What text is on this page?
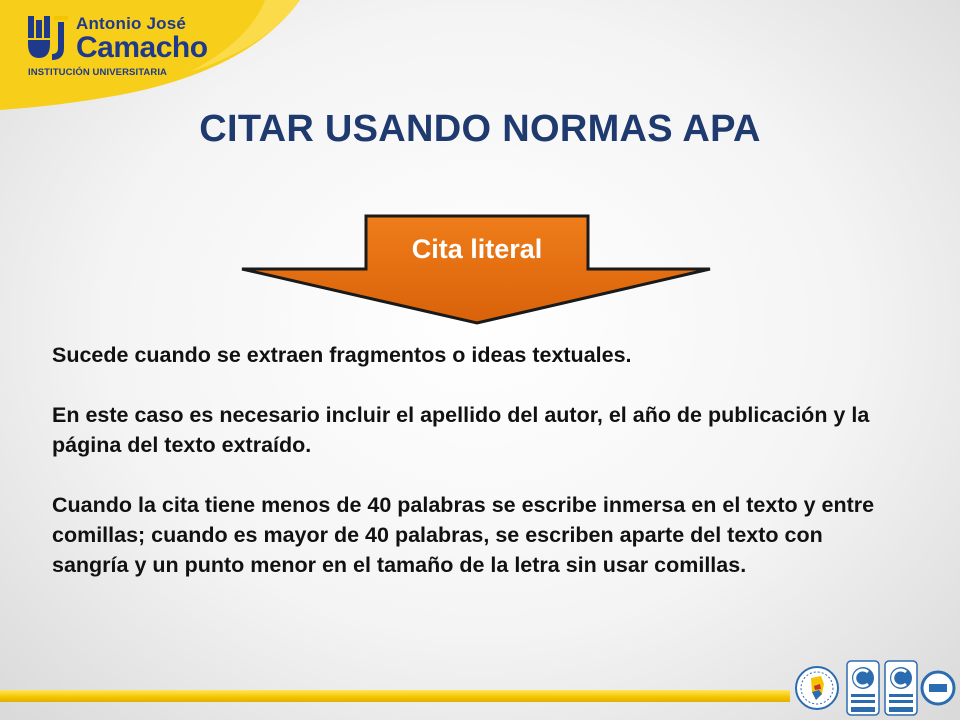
Antonio José
Camacho
INSTITUCIÓN UNIVERSITARIA
CITAR USANDO NORMAS APA
Cita literal

Sucede cuando se extraen fragmentos o ideas textuales.

En este caso es necesario incluir el apellido del autor, el año de publicación y la página del texto extraído.

Cuando la cita tiene menos de 40 palabras se escribe inmersa en el texto y entre comillas; cuando es mayor de 40 palabras, se escriben aparte del texto con sangría y un punto menor en el tamaño de la letra sin usar comillas.
